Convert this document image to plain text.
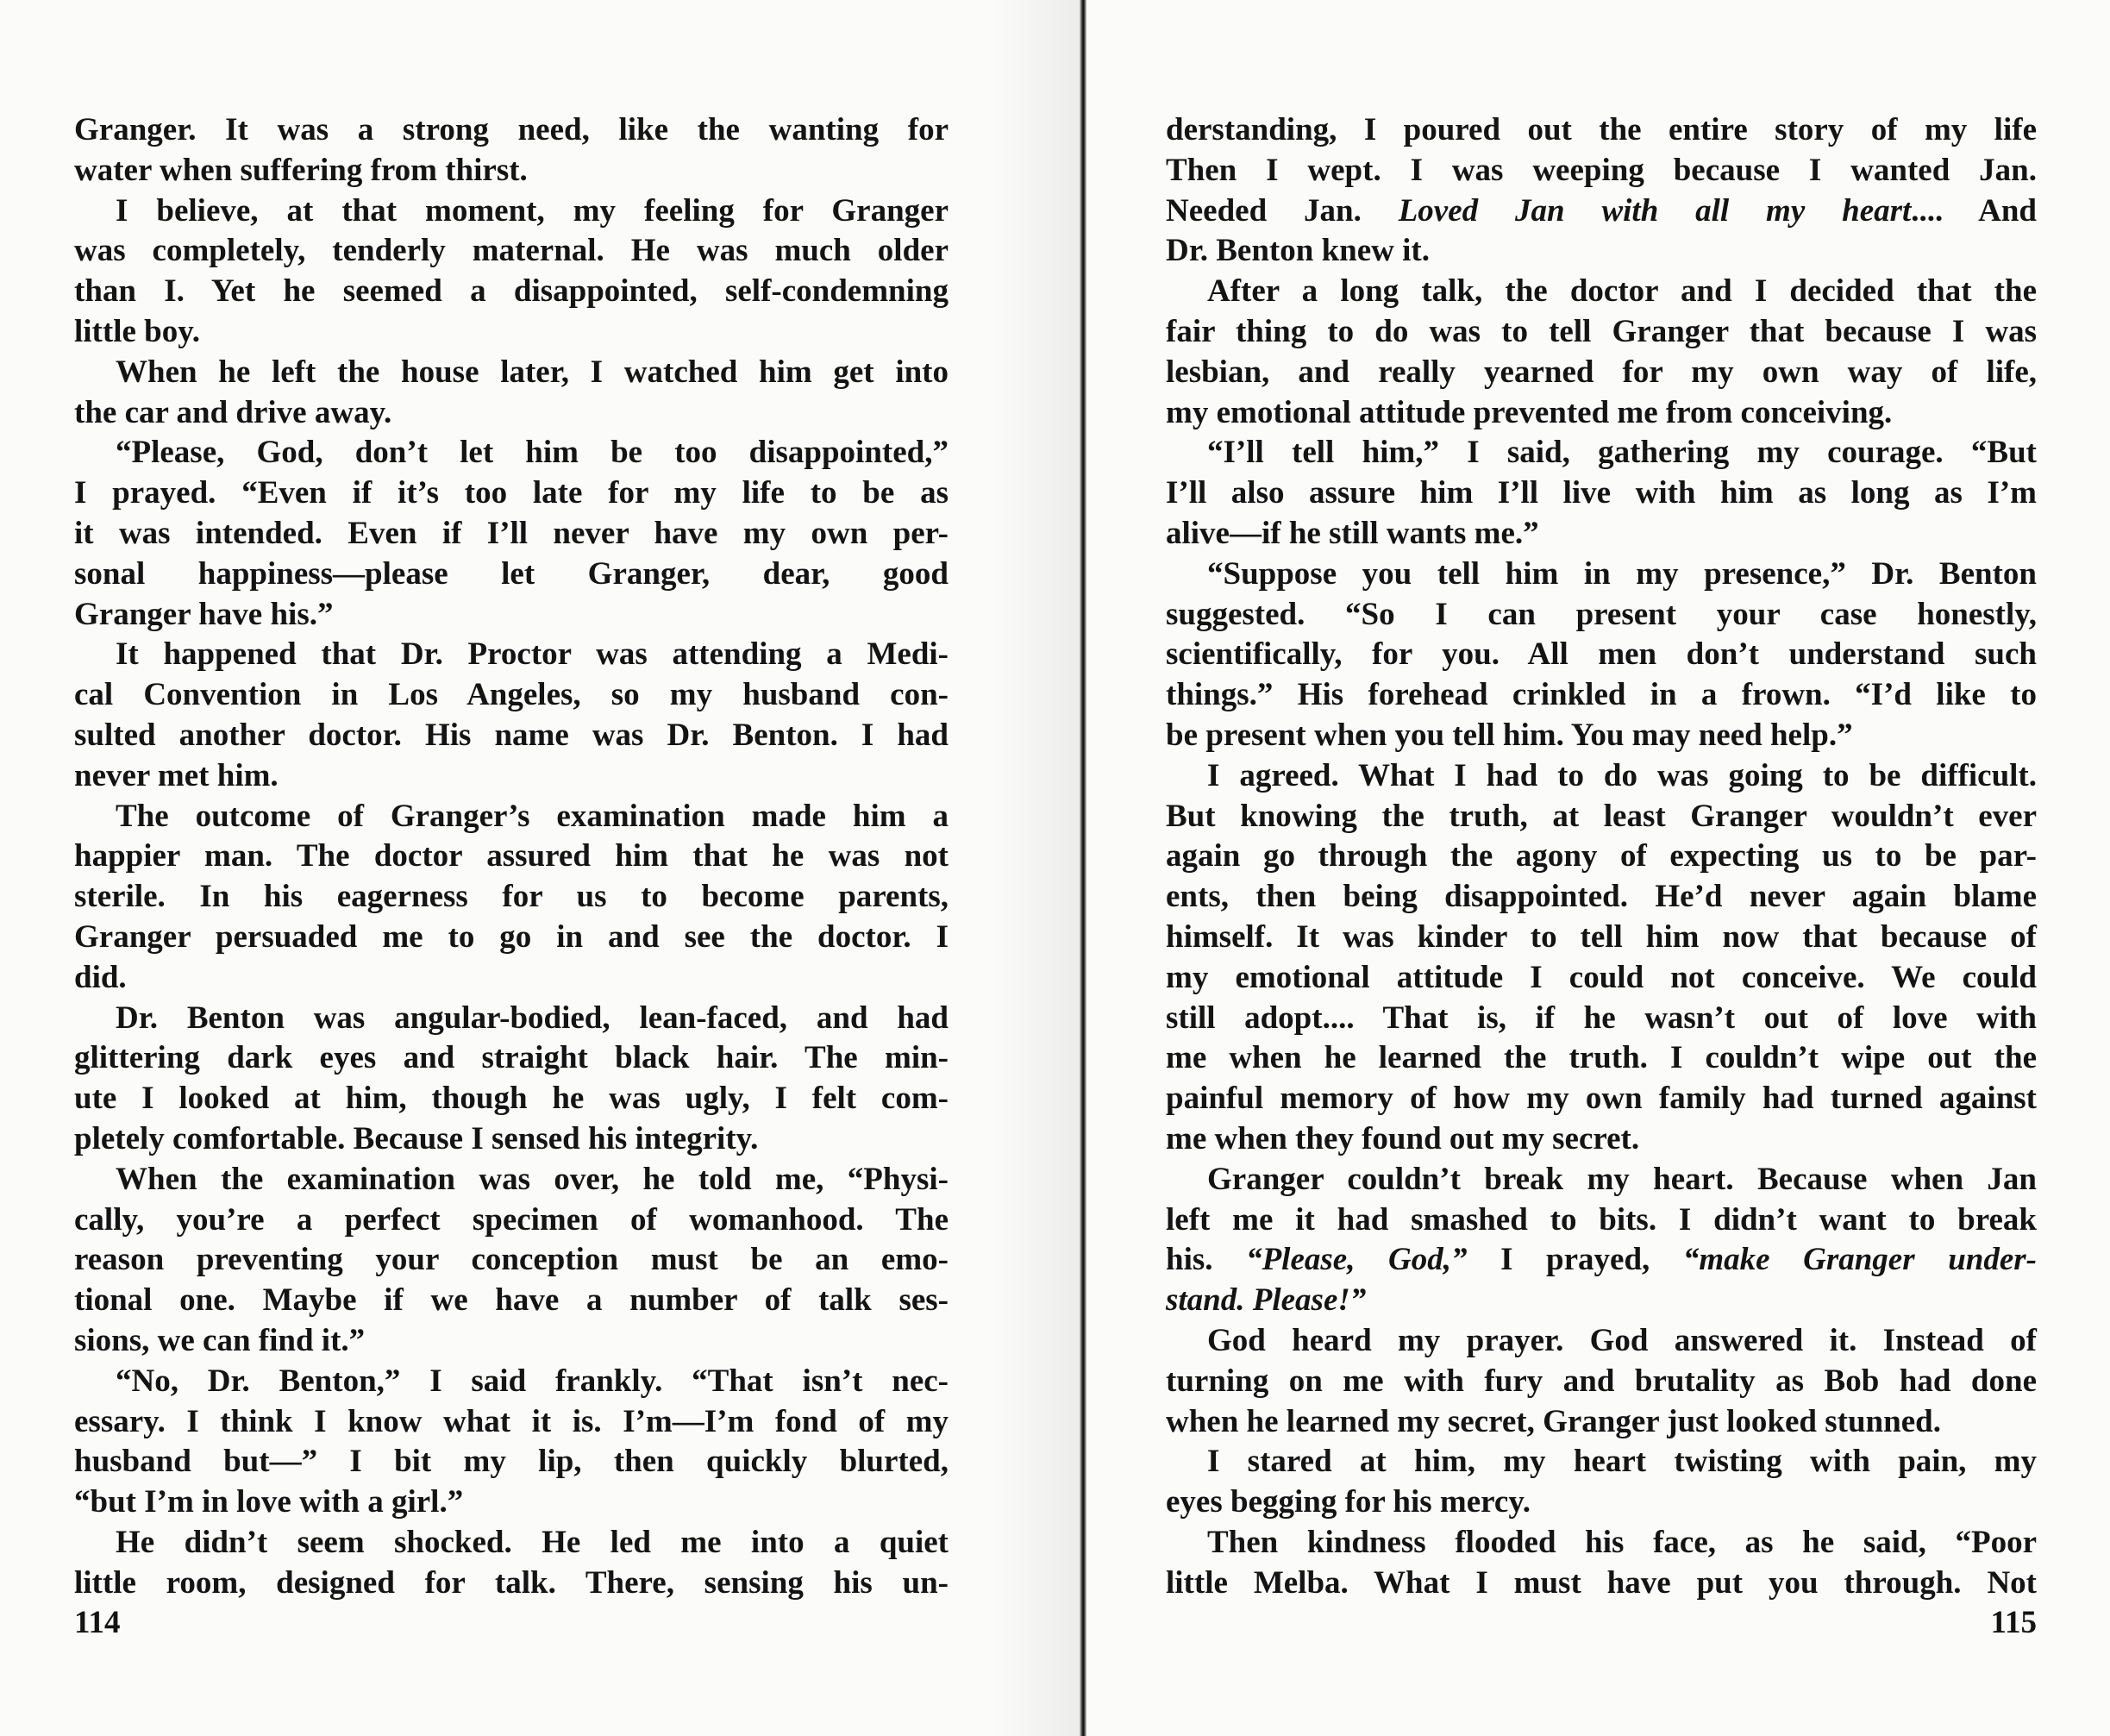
Granger. It was a strong need, like the wanting for
water when suffering from thirst.
I believe, at that moment, my feeling for Granger
was completely, tenderly maternal. He was much older
than I. Yet he seemed a disappointed, self-condemning
little boy.
When he left the house later, I watched him get into
the car and drive away.
“Please, God, don’t let him be too disappointed,”
I prayed. “Even if it’s too late for my life to be as
it was intended. Even if I’ll never have my own per-
sonal happiness—please let Granger, dear, good
Granger have his.”
It happened that Dr. Proctor was attending a Medi-
cal Convention in Los Angeles, so my husband con-
sulted another doctor. His name was Dr. Benton. I had
never met him.
The outcome of Granger’s examination made him a
happier man. The doctor assured him that he was not
sterile. In his eagerness for us to become parents,
Granger persuaded me to go in and see the doctor. I
did.
Dr. Benton was angular-bodied, lean-faced, and had
glittering dark eyes and straight black hair. The min-
ute I looked at him, though he was ugly, I felt com-
pletely comfortable. Because I sensed his integrity.
When the examination was over, he told me, “Physi-
cally, you’re a perfect specimen of womanhood. The
reason preventing your conception must be an emo-
tional one. Maybe if we have a number of talk ses-
sions, we can find it.”
“No, Dr. Benton,” I said frankly. “That isn’t nec-
essary. I think I know what it is. I’m—I’m fond of my
husband but—” I bit my lip, then quickly blurted,
“but I’m in love with a girl.”
He didn’t seem shocked. He led me into a quiet
little room, designed for talk. There, sensing his un-
114
derstanding, I poured out the entire story of my life
Then I wept. I was weeping because I wanted Jan.
Needed Jan. Loved Jan with all my heart.... And
Dr. Benton knew it.
After a long talk, the doctor and I decided that the
fair thing to do was to tell Granger that because I was
lesbian, and really yearned for my own way of life,
my emotional attitude prevented me from conceiving.
“I’ll tell him,” I said, gathering my courage. “But
I’ll also assure him I’ll live with him as long as I’m
alive—if he still wants me.”
“Suppose you tell him in my presence,” Dr. Benton
suggested. “So I can present your case honestly,
scientifically, for you. All men don’t understand such
things.” His forehead crinkled in a frown. “I’d like to
be present when you tell him. You may need help.”
I agreed. What I had to do was going to be difficult.
But knowing the truth, at least Granger wouldn’t ever
again go through the agony of expecting us to be par-
ents, then being disappointed. He’d never again blame
himself. It was kinder to tell him now that because of
my emotional attitude I could not conceive. We could
still adopt.... That is, if he wasn’t out of love with
me when he learned the truth. I couldn’t wipe out the
painful memory of how my own family had turned against
me when they found out my secret.
Granger couldn’t break my heart. Because when Jan
left me it had smashed to bits. I didn’t want to break
his. “Please, God,” I prayed, “make Granger under-
stand. Please!”
God heard my prayer. God answered it. Instead of
turning on me with fury and brutality as Bob had done
when he learned my secret, Granger just looked stunned.
I stared at him, my heart twisting with pain, my
eyes begging for his mercy.
Then kindness flooded his face, as he said, “Poor
little Melba. What I must have put you through. Not
115
